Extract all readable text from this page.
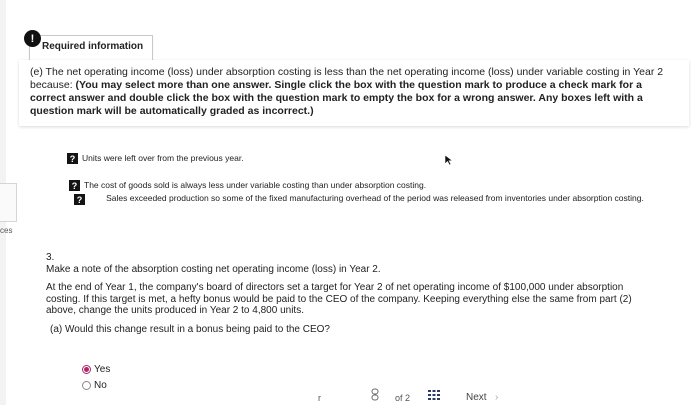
ces
!
Required information
(e) The net operating income (loss) under absorption costing is less than the net operating income (loss) under variable costing in Year 2 because: (You may select more than one answer. Single click the box with the question mark to produce a check mark for a correct answer and double click the box with the question mark to empty the box for a wrong answer. Any boxes left with a question mark will be automatically graded as incorrect.)
? Units were left over from the previous year.
? The cost of goods sold is always less under variable costing than under absorption costing.
?	Sales exceeded production so some of the fixed manufacturing overhead of the period was released from inventories under absorption costing.

3.

Make a note of the absorption costing net operating income (loss) in Year 2.

At the end of Year 1, the company's board of directors set a target for Year 2 of net operating income of $100,000 under absorption costing. If this target is met, a hefty bonus would be paid to the CEO of the company. Keeping everything else the same from part (2) above, change the units produced in Year 2 to 4,800 units.

(a) Would this change result in a bonus being paid to the CEO?

Yes
No
r	of 2	Next ›
